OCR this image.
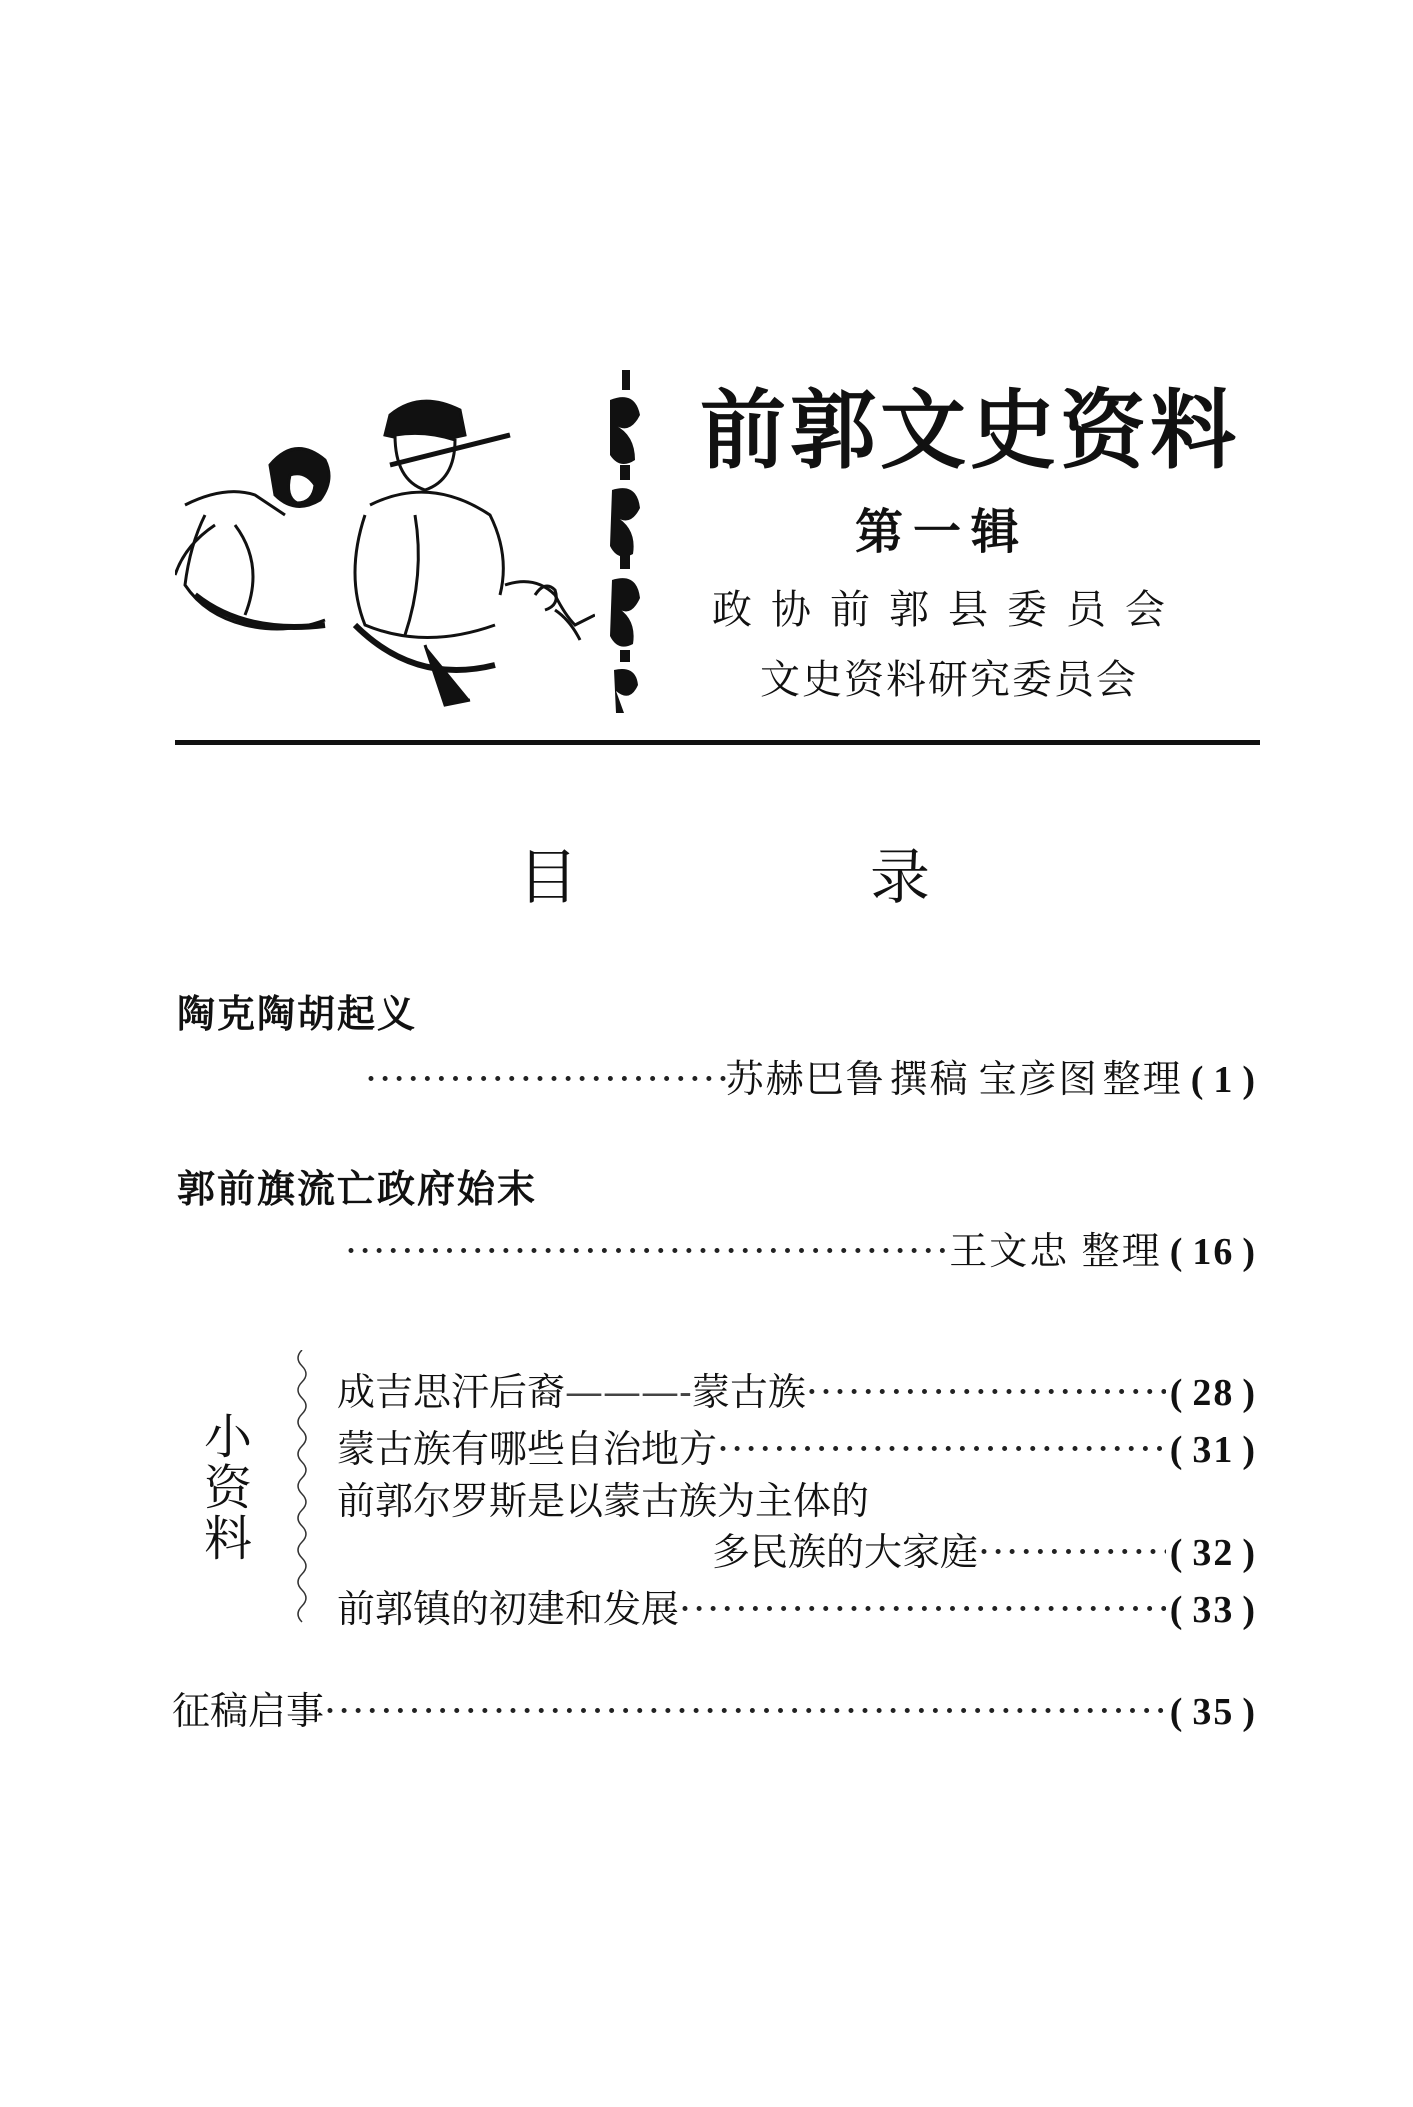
前郭文史资料
第一辑
政协前郭县委员会
文史资料研究委员会
目	录
陶克陶胡起义
·····
苏赫巴鲁 撰稿 宝彦图 整理 ( 1 )
郭前旗流亡政府始末
·····
王文忠 整理 ( 16 )
小
资
料
成吉思汗后裔 ———- 蒙古族 ·····	( 28 )
蒙古族有哪些自治地方 ·····	( 31 )
前郭尔罗斯是以蒙古族为主体的
多民族的大家庭 ·····	( 32 )
前郭镇的初建和发展 ·····	( 33 )
征稿启事 ·····	( 35 )
